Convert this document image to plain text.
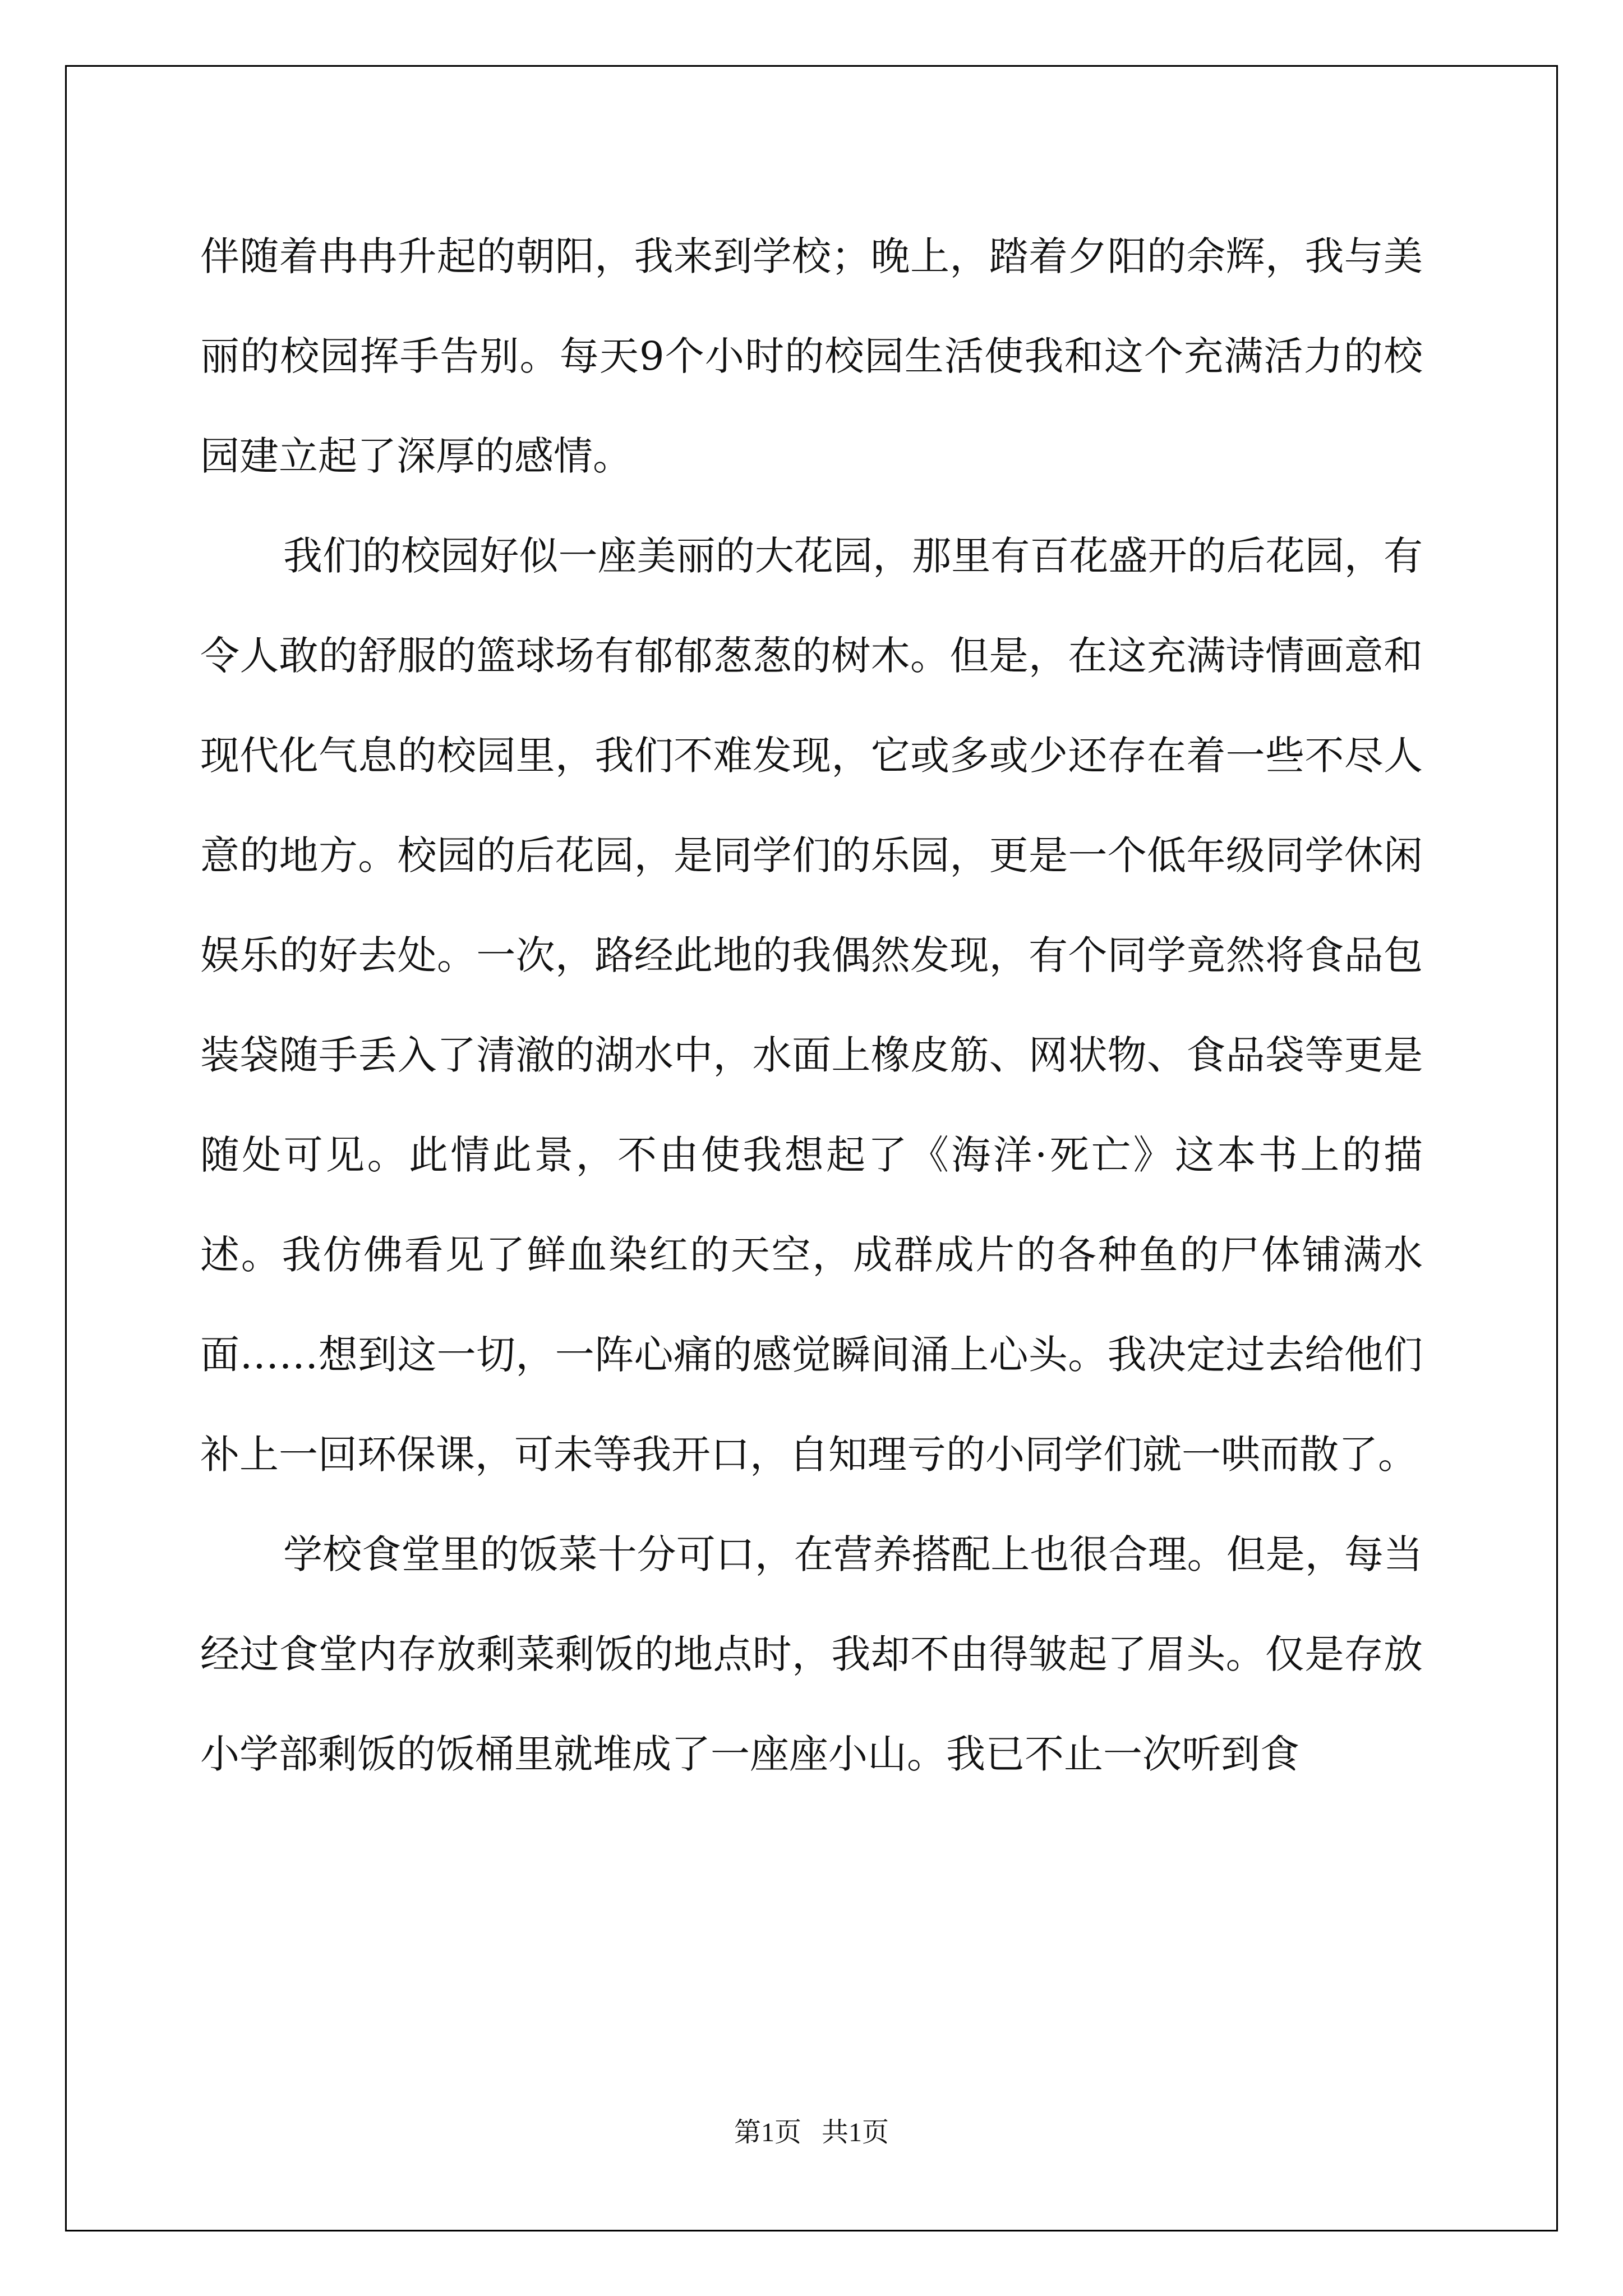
伴随着冉冉升起的朝阳，我来到学校；晚上，踏着夕阳的余辉，我与美丽的校园挥手告别。每天9个小时的校园生活使我和这个充满活力的校园建立起了深厚的感情。

我们的校园好似一座美丽的大花园，那里有百花盛开的后花园，有令人敢的舒服的篮球场有郁郁葱葱的树木。但是，在这充满诗情画意和现代化气息的校园里，我们不难发现，它或多或少还存在着一些不尽人意的地方。校园的后花园，是同学们的乐园，更是一个低年级同学休闲娱乐的好去处。一次，路经此地的我偶然发现，有个同学竟然将食品包装袋随手丢入了清澈的湖水中，水面上橡皮筋、网状物、食品袋等更是随处可见。此情此景，不由使我想起了《海洋·死亡》这本书上的描述。我仿佛看见了鲜血染红的天空，成群成片的各种鱼的尸体铺满水面……想到这一切，一阵心痛的感觉瞬间涌上心头。我决定过去给他们补上一回环保课，可未等我开口，自知理亏的小同学们就一哄而散了。

学校食堂里的饭菜十分可口，在营养搭配上也很合理。但是，每当经过食堂内存放剩菜剩饭的地点时，我却不由得皱起了眉头。仅是存放小学部剩饭的饭桶里就堆成了一座座小山。我已不止一次听到食

第1页 共1页
